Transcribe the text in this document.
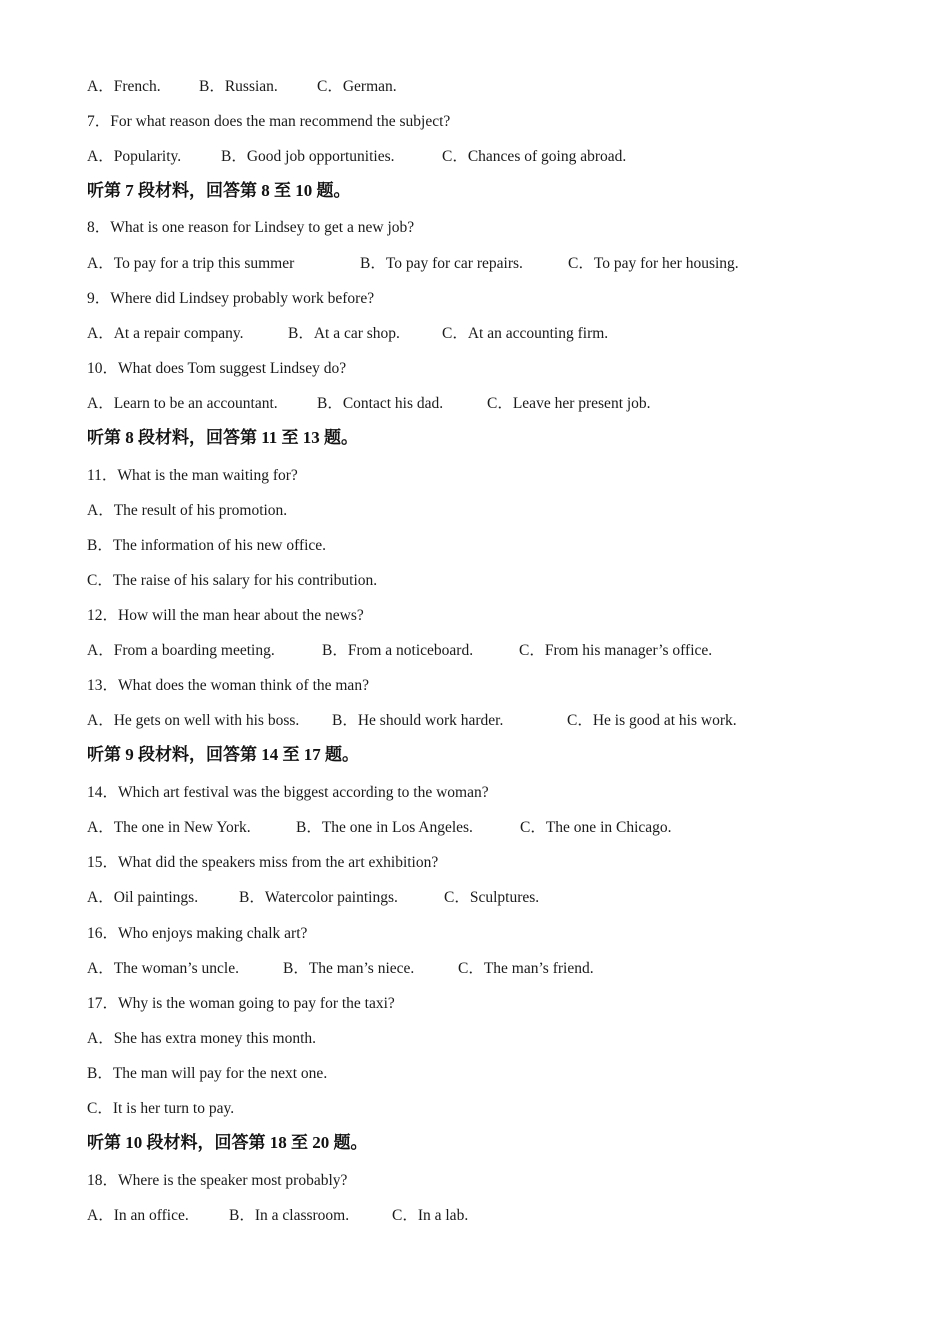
A．French. B．Russian.	C．German.
7．For what reason does the man recommend the subject?
A．Popularity.	B．Good job opportunities.	C．Chances of going abroad.
听第 7 段材料，回答第 8 至 10 题。
8．What is one reason for Lindsey to get a new job?
A．To pay for a trip this summer	B．To pay for car repairs.	C．To pay for her housing.
9．Where did Lindsey probably work before?
A．At a repair company.	B．At a car shop.	C．At an accounting firm.
10．What does Tom suggest Lindsey do?
A．Learn to be an accountant.	B．Contact his dad.	C．Leave her present job.
听第 8 段材料，回答第 11 至 13 题。
11．What is the man waiting for?
A．The result of his promotion.
B．The information of his new office.
C．The raise of his salary for his contribution.
12．How will the man hear about the news?
A．From a boarding meeting.	B．From a noticeboard.	C．From his manager’s office.
13．What does the woman think of the man?
A．He gets on well with his boss. B．He should work harder.	C．He is good at his work.
听第 9 段材料，回答第 14 至 17 题。
14．Which art festival was the biggest according to the woman?
A．The one in New York.	B．The one in Los Angeles.	C．The one in Chicago.
15．What did the speakers miss from the art exhibition?
A．Oil paintings.	B．Watercolor paintings.	C．Sculptures.
16．Who enjoys making chalk art?
A．The woman’s uncle.	B．The man’s niece.	C．The man’s friend.
17．Why is the woman going to pay for the taxi?
A．She has extra money this month.
B．The man will pay for the next one.
C．It is her turn to pay.
听第 10 段材料，回答第 18 至 20 题。
18．Where is the speaker most probably?
A．In an office.	B．In a classroom.	C．In a lab.
